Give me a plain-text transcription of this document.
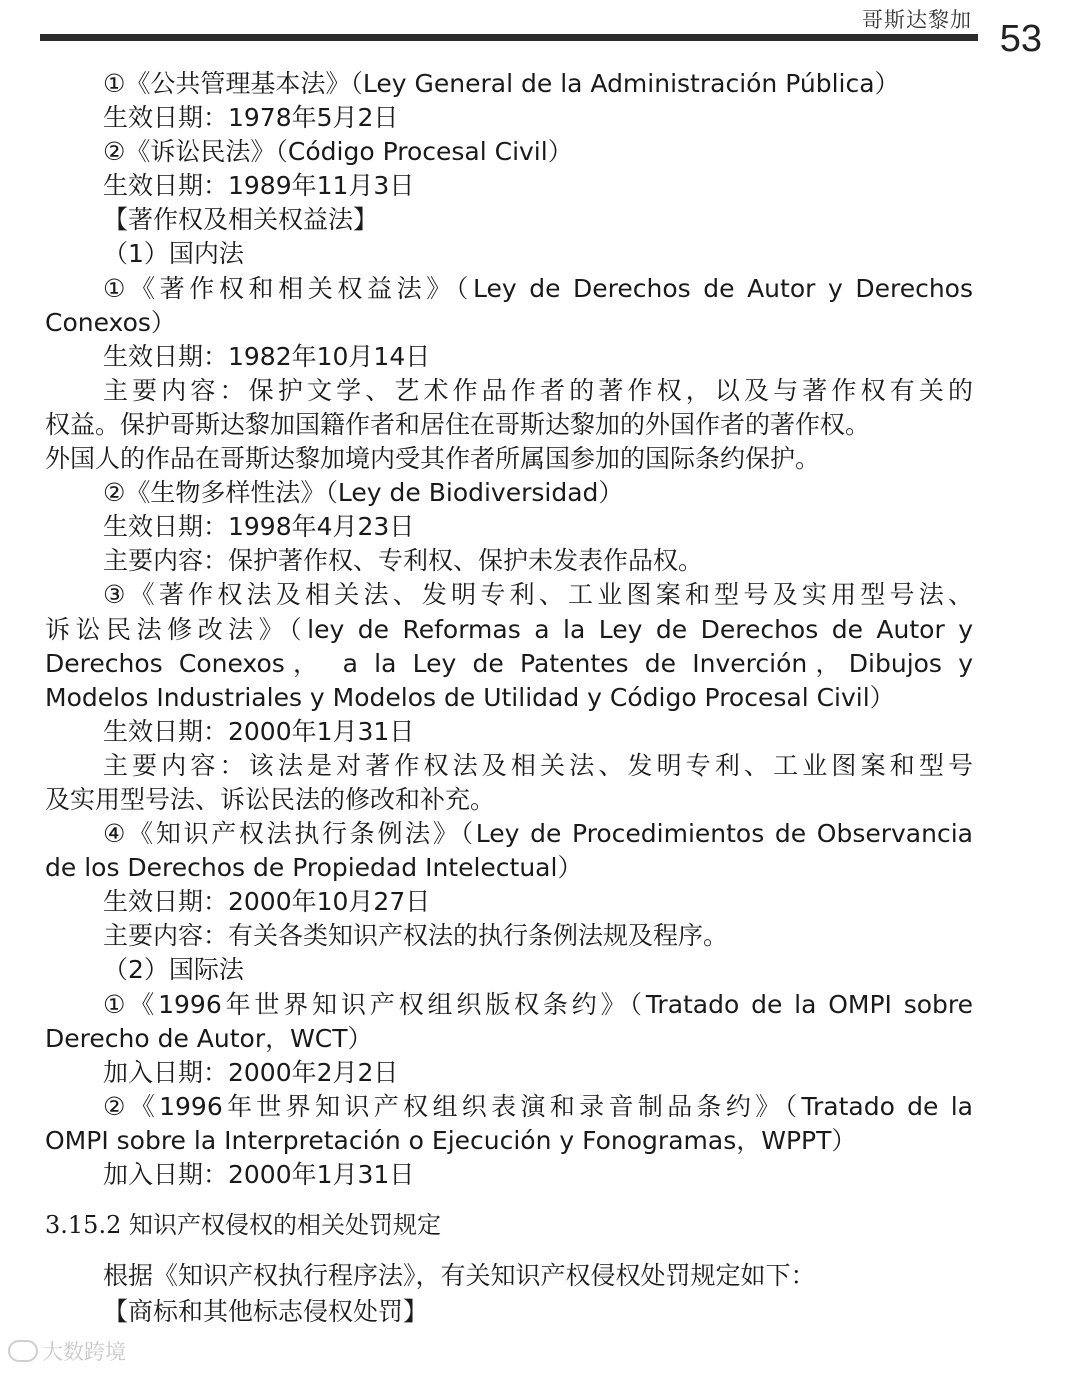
哥斯达黎加 53
①《公共管理基本法》（Ley General de la Administración Pública）
生效日期：1978年5月2日
②《诉讼民法》（Código Procesal Civil）
生效日期：1989年11月3日
【著作权及相关权益法】
（1）国内法
①《著作权和相关权益法》（Ley de Derechos de Autor y Derechos
Conexos）
生效日期：1982年10月14日
主要内容：保护文学、艺术作品作者的著作权，以及与著作权有关的
权益。保护哥斯达黎加国籍作者和居住在哥斯达黎加的外国作者的著作权。
外国人的作品在哥斯达黎加境内受其作者所属国参加的国际条约保护。
②《生物多样性法》（Ley de Biodiversidad）
生效日期：1998年4月23日
主要内容：保护著作权、专利权、保护未发表作品权。
③《著作权法及相关法、发明专利、工业图案和型号及实用型号法、
诉讼民法修改法》（ley de Reformas a la Ley de Derechos de Autor y
Derechos Conexos， a la Ley de Patentes de Inverción，Dibujos y
Modelos Industriales y Modelos de Utilidad y Código Procesal Civil）
生效日期：2000年1月31日
主要内容：该法是对著作权法及相关法、发明专利、工业图案和型号
及实用型号法、诉讼民法的修改和补充。
④《知识产权法执行条例法》（Ley de Procedimientos de Observancia
de los Derechos de Propiedad Intelectual）
生效日期：2000年10月27日
主要内容：有关各类知识产权法的执行条例法规及程序。
（2）国际法
①《1996年世界知识产权组织版权条约》（Tratado de la OMPI sobre
Derecho de Autor，WCT）
加入日期：2000年2月2日
②《1996年世界知识产权组织表演和录音制品条约》（Tratado de la
OMPI sobre la Interpretación o Ejecución y Fonogramas，WPPT）
加入日期：2000年1月31日
3.15.2 知识产权侵权的相关处罚规定
根据《知识产权执行程序法》，有关知识产权侵权处罚规定如下：
【商标和其他标志侵权处罚】
大数跨境
